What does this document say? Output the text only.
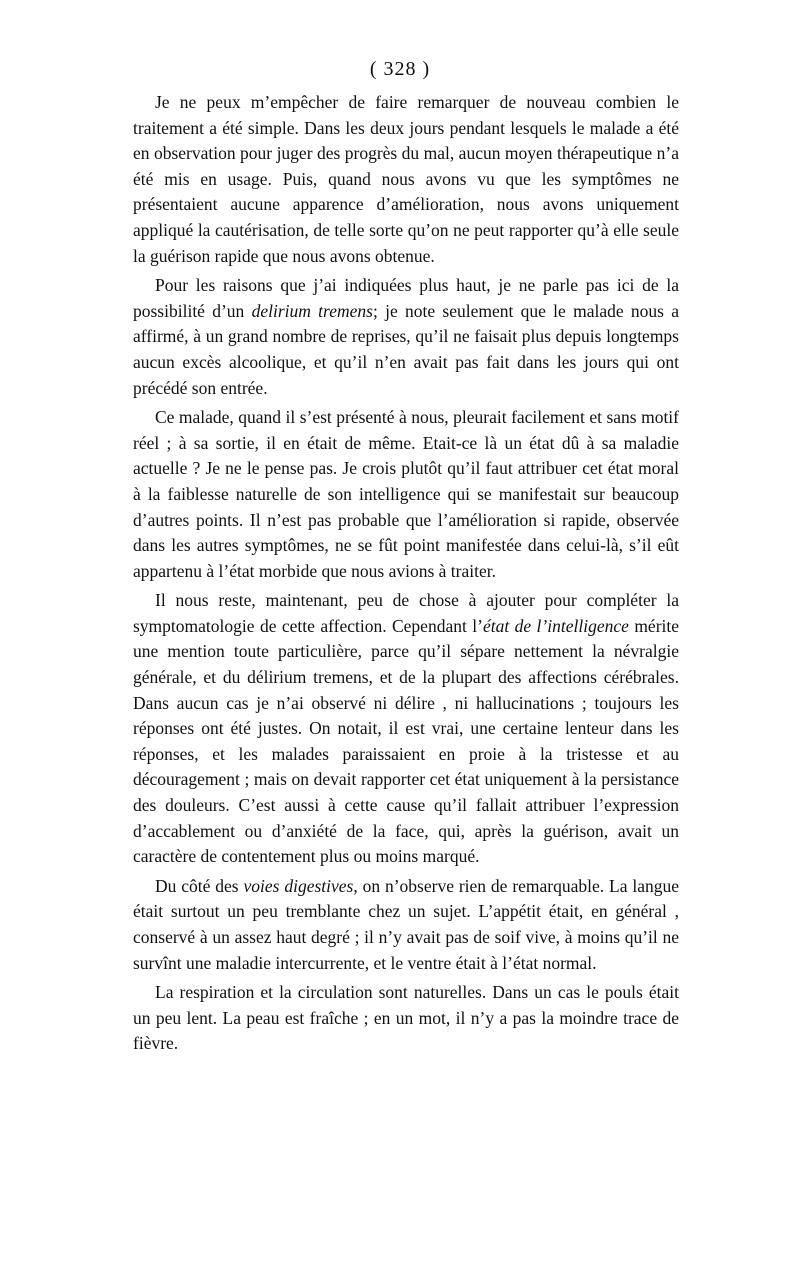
( 328 )

Je ne peux m’empêcher de faire remarquer de nouveau combien le traitement a été simple. Dans les deux jours pendant lesquels le malade a été en observation pour juger des progrès du mal, aucun moyen thérapeutique n’a été mis en usage. Puis, quand nous avons vu que les symptômes ne présentaient aucune apparence d’amélioration, nous avons uniquement appliqué la cautérisation, de telle sorte qu’on ne peut rapporter qu’à elle seule la guérison rapide que nous avons obtenue.

Pour les raisons que j’ai indiquées plus haut, je ne parle pas ici de la possibilité d’un delirium tremens; je note seulement que le malade nous a affirmé, à un grand nombre de reprises, qu’il ne faisait plus depuis longtemps aucun excès alcoolique, et qu’il n’en avait pas fait dans les jours qui ont précédé son entrée.

Ce malade, quand il s’est présenté à nous, pleurait facilement et sans motif réel ; à sa sortie, il en était de même. Etait-ce là un état dû à sa maladie actuelle ? Je ne le pense pas. Je crois plutôt qu’il faut attribuer cet état moral à la faiblesse naturelle de son intelligence qui se manifestait sur beaucoup d’autres points. Il n’est pas probable que l’amélioration si rapide, observée dans les autres symptômes, ne se fût point manifestée dans celui-là, s’il eût appartenu à l’état morbide que nous avions à traiter.

Il nous reste, maintenant, peu de chose à ajouter pour compléter la symptomatologie de cette affection. Cependant l’état de l’intelligence mérite une mention toute particulière, parce qu’il sépare nettement la névralgie générale, et du délirium tremens, et de la plupart des affections cérébrales. Dans aucun cas je n’ai observé ni délire , ni hallucinations ; toujours les réponses ont été justes. On notait, il est vrai, une certaine lenteur dans les réponses, et les malades paraissaient en proie à la tristesse et au découragement ; mais on devait rapporter cet état uniquement à la persistance des douleurs. C’est aussi à cette cause qu’il fallait attribuer l’expression d’accablement ou d’anxiété de la face, qui, après la guérison, avait un caractère de contentement plus ou moins marqué.

Du côté des voies digestives, on n’observe rien de remarquable. La langue était surtout un peu tremblante chez un sujet. L’appétit était, en général , conservé à un assez haut degré ; il n’y avait pas de soif vive, à moins qu’il ne survînt une maladie intercurrente, et le ventre était à l’état normal.

La respiration et la circulation sont naturelles. Dans un cas le pouls était un peu lent. La peau est fraîche ; en un mot, il n’y a pas la moindre trace de fièvre.
